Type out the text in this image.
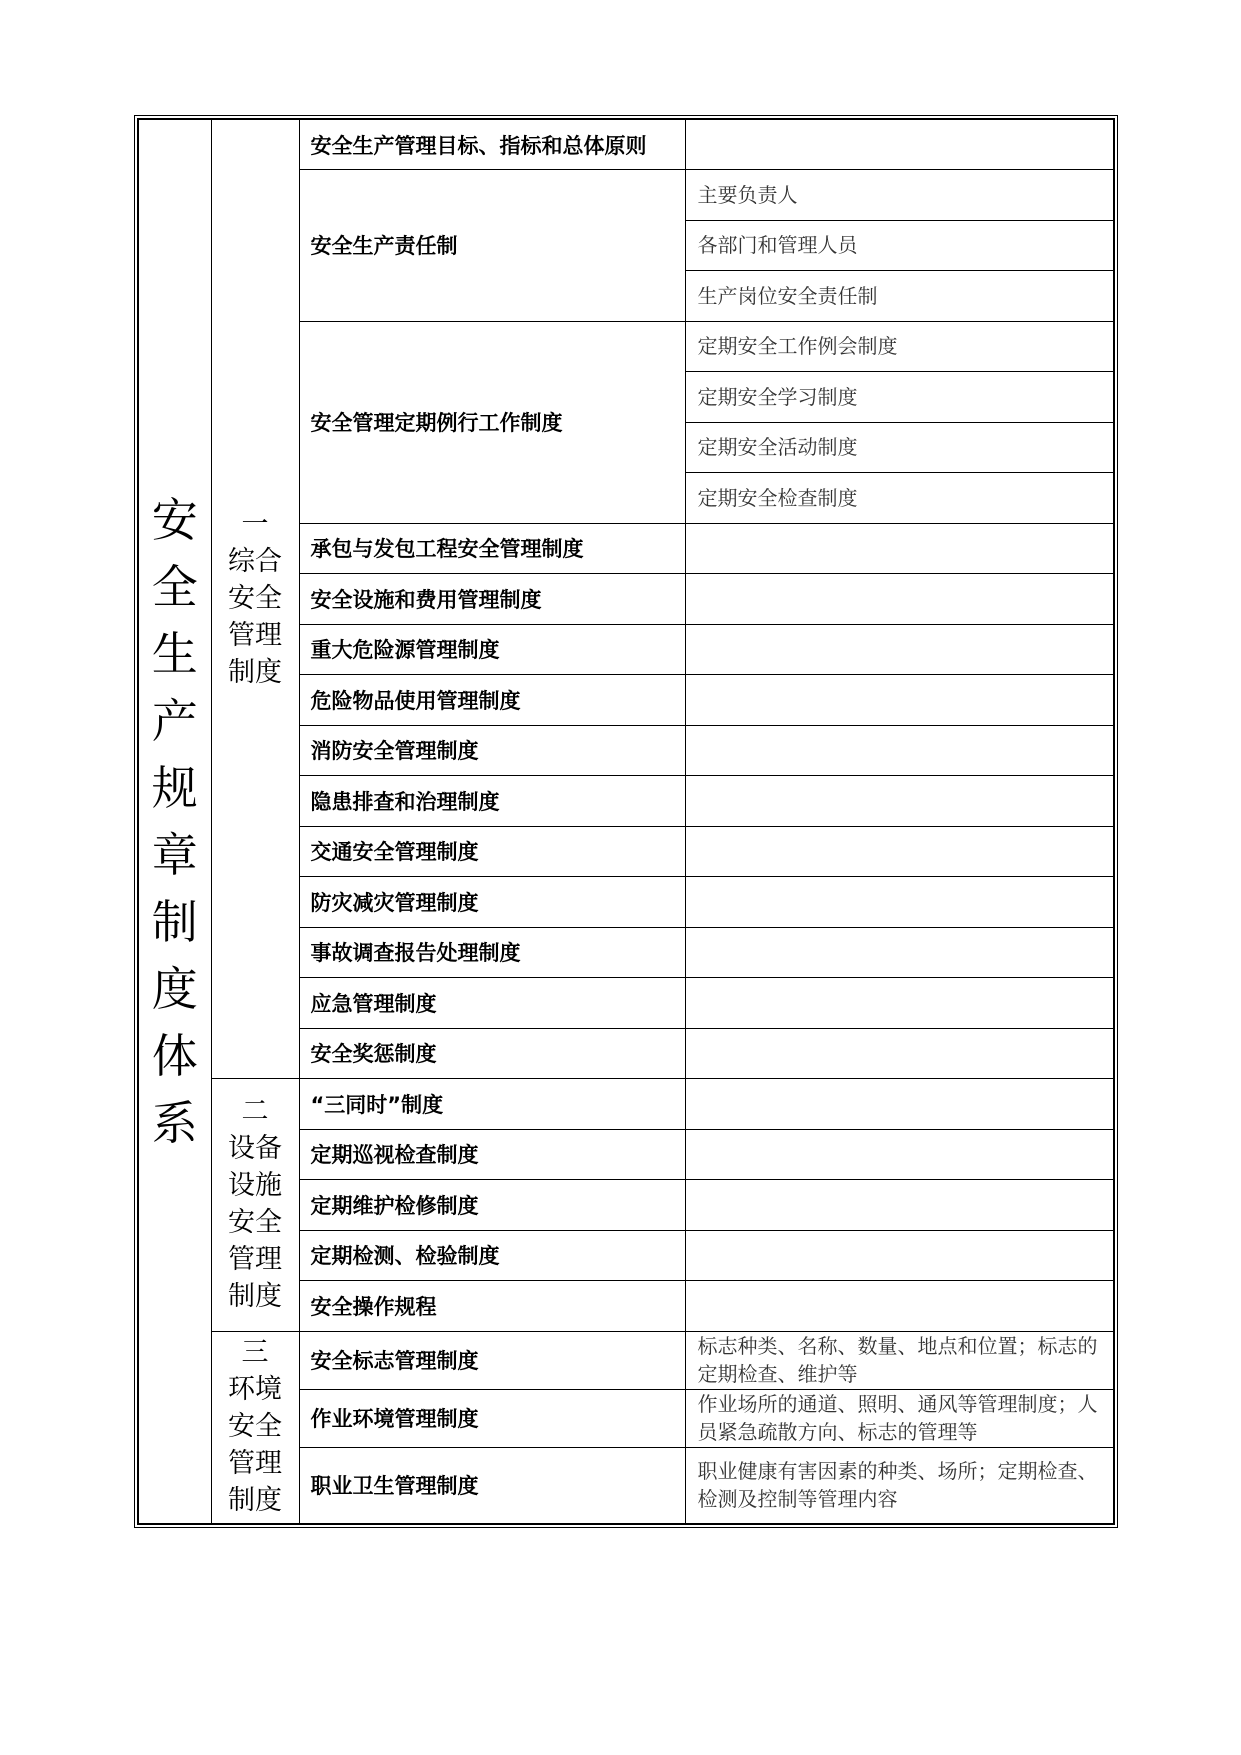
安全生产规章制度体系	一
综合安全管理制度	安全生产管理目标、指标和总体原则	
		安全生产责任制	主要负责人
			各部门和管理人员
			生产岗位安全责任制
		安全管理定期例行工作制度	定期安全工作例会制度
			定期安全学习制度
			定期安全活动制度
			定期安全检查制度
		承包与发包工程安全管理制度	
		安全设施和费用管理制度	
		重大危险源管理制度	
		危险物品使用管理制度	
		消防安全管理制度	
		隐患排查和治理制度	
		交通安全管理制度	
		防灾减灾管理制度	
		事故调查报告处理制度	
		应急管理制度	
		安全奖惩制度	

	二
设备设施安全管理制度	“三同时”制度	
		定期巡视检查制度	
		定期维护检修制度	
		定期检测、检验制度	
		安全操作规程	

	三
环境安全管理制度	安全标志管理制度	标志种类、名称、数量、地点和位置；标志的定期检查、维护等
		作业环境管理制度	作业场所的通道、照明、通风等管理制度；人员紧急疏散方向、标志的管理等
		职业卫生管理制度	职业健康有害因素的种类、场所；定期检查、检测及控制等管理内容
